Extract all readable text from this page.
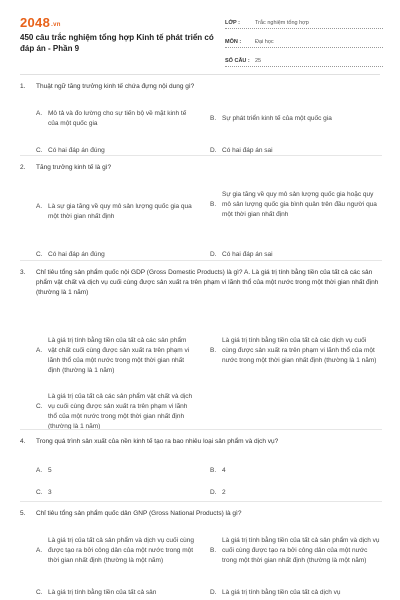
2048.vn
450 câu trắc nghiệm tổng hợp Kinh tế phát triển có đáp án - Phần 9
LỚP :	Trắc nghiệm tổng hợp
MÔN :	Đại học
SỐ CÂU : 25
1.	Thuật ngữ tăng trưởng kinh tế chứa đựng nội dung gì?
A. Mô tả và đo lường cho sự tiến bộ về mặt kinh tế của một quốc gia
B. Sự phát triển kinh tế của một quốc gia
C. Có hai đáp án đúng	D. Có hai đáp án sai
2.	Tăng trưởng kinh tế là gì?
A. Là sự gia tăng về quy mô sản lượng quốc gia qua một thời gian nhất định
B.
Sự gia tăng về quy mô sản lượng quốc gia hoặc quy mô sản lượng quốc gia bình quân trên đầu người qua một thời gian nhất định
C. Có hai đáp án đúng	D. Có hai đáp án sai
3.	Chỉ tiêu tổng sản phẩm quốc nội GDP (Gross Domestic Products) là gì? A. Là giá trị tính bằng tiền của tất cả các sản phẩm vật chất và dịch vụ cuối cùng được sản xuất ra trên phạm vi lãnh thổ của một nước trong một thời gian nhất định (thường là 1 năm)
A.
Là giá trị tính bằng tiền của tất cả các sản phẩm vật chất cuối cùng được sản xuất ra trên phạm vi lãnh thổ của một nước trong một thời gian nhất định (thường là 1 năm)
B.
Là giá trị tính bằng tiền của tất cả các dịch vụ cuối cùng được sản xuất ra trên phạm vi lãnh thổ của một nước trong một thời gian nhất định (thường là 1 năm)
C.
Là giá trị của tất cả các sản phẩm vật chất và dịch vụ cuối cùng được sản xuất ra trên phạm vi lãnh thổ của một nước trong một thời gian nhất định (thường là 1 năm)
4.	Trong quá trình sản xuất của nền kinh tế tạo ra bao nhiêu loại sản phẩm và dịch vụ?
A. 5	B. 4
C. 3	D. 2
5.	Chỉ tiêu tổng sản phẩm quốc dân GNP (Gross National Products) là gì?
A.
Là giá trị của tất cả sản phẩm và dịch vụ cuối cùng được tạo ra bởi công dân của một nước trong một thời gian nhất định (thường là một năm)
B.
Là giá trị tính bằng tiền của tất cả sản phẩm và dịch vụ cuối cùng được tạo ra bởi công dân của một nước trong một thời gian nhất định (thường là một năm)
C. Là giá trị tính bằng tiền của tất cả sản	D. Là giá trị tính bằng tiền của tất cả dịch vụ
